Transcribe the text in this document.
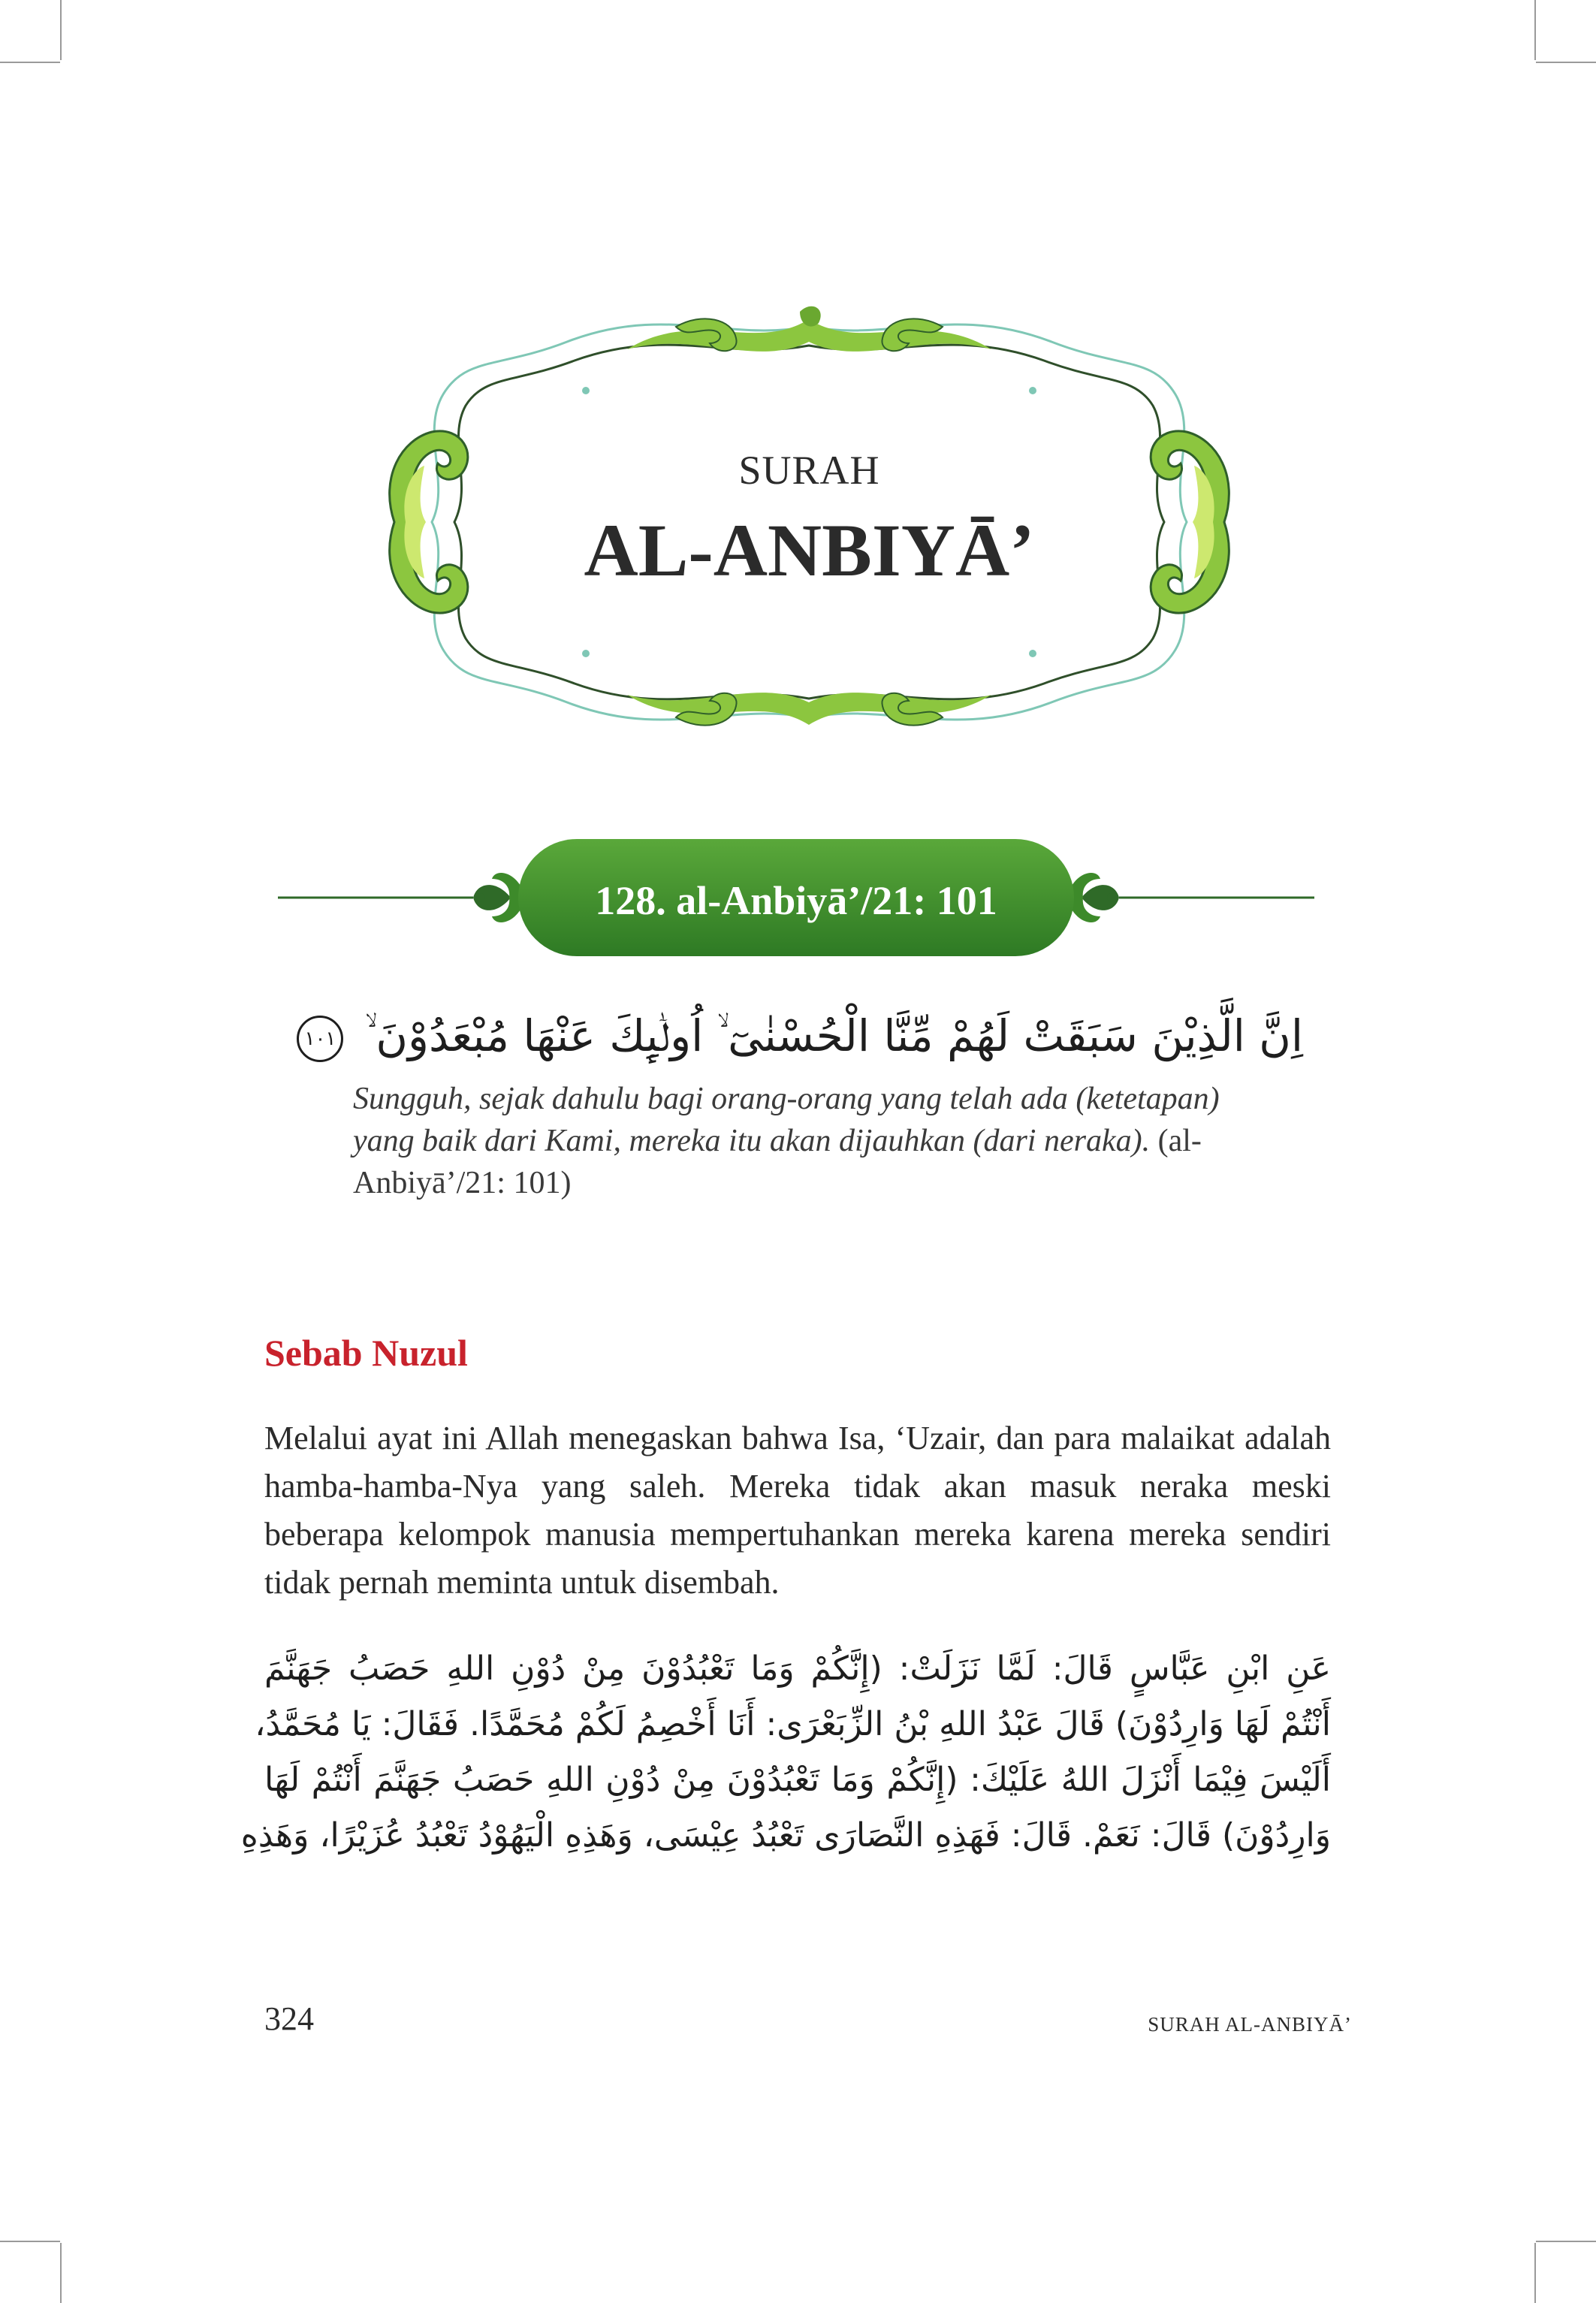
SURAH
AL-ANBIYĀ’
128. al-Anbiyā’/21: 101
اِنَّ الَّذِيْنَ سَبَقَتْ لَهُمْ مِّنَّا الْحُسْنٰىٓ ۙ اُولٰۤىِٕكَ عَنْهَا مُبْعَدُوْنَ ۙ ١٠١
Sungguh, sejak dahulu bagi orang-orang yang telah ada (ketetapan) yang baik dari Kami, mereka itu akan dijauhkan (dari neraka). (al-
Anbiyā’/21: 101)
Sebab Nuzul
Melalui ayat ini Allah menegaskan bahwa Isa, ‘Uzair, dan para malaikat adalah hamba-hamba-Nya yang saleh. Mereka tidak akan masuk neraka meski beberapa kelompok manusia mempertuhankan mereka karena mereka sendiri tidak pernah meminta untuk disembah.
عَنِ ابْنِ عَبَّاسٍ قَالَ: لَمَّا نَزَلَتْ: (إِنَّكُمْ وَمَا تَعْبُدُوْنَ مِنْ دُوْنِ اللهِ حَصَبُ جَهَنَّمَ
أَنْتُمْ لَهَا وَارِدُوْنَ) قَالَ عَبْدُ اللهِ بْنُ الزِّبَعْرَى: أَنَا أَخْصِمُ لَكُمْ مُحَمَّدًا. فَقَالَ: يَا مُحَمَّدُ،
أَلَيْسَ فِيْمَا أَنْزَلَ اللهُ عَلَيْكَ: (إِنَّكُمْ وَمَا تَعْبُدُوْنَ مِنْ دُوْنِ اللهِ حَصَبُ جَهَنَّمَ أَنْتُمْ لَهَا
وَارِدُوْنَ) قَالَ: نَعَمْ. قَالَ: فَهَذِهِ النَّصَارَى تَعْبُدُ عِيْسَى، وَهَذِهِ الْيَهُوْدُ تَعْبُدُ عُزَيْرًا، وَهَذِهِ
324	SURAH AL-ANBIYĀ’
